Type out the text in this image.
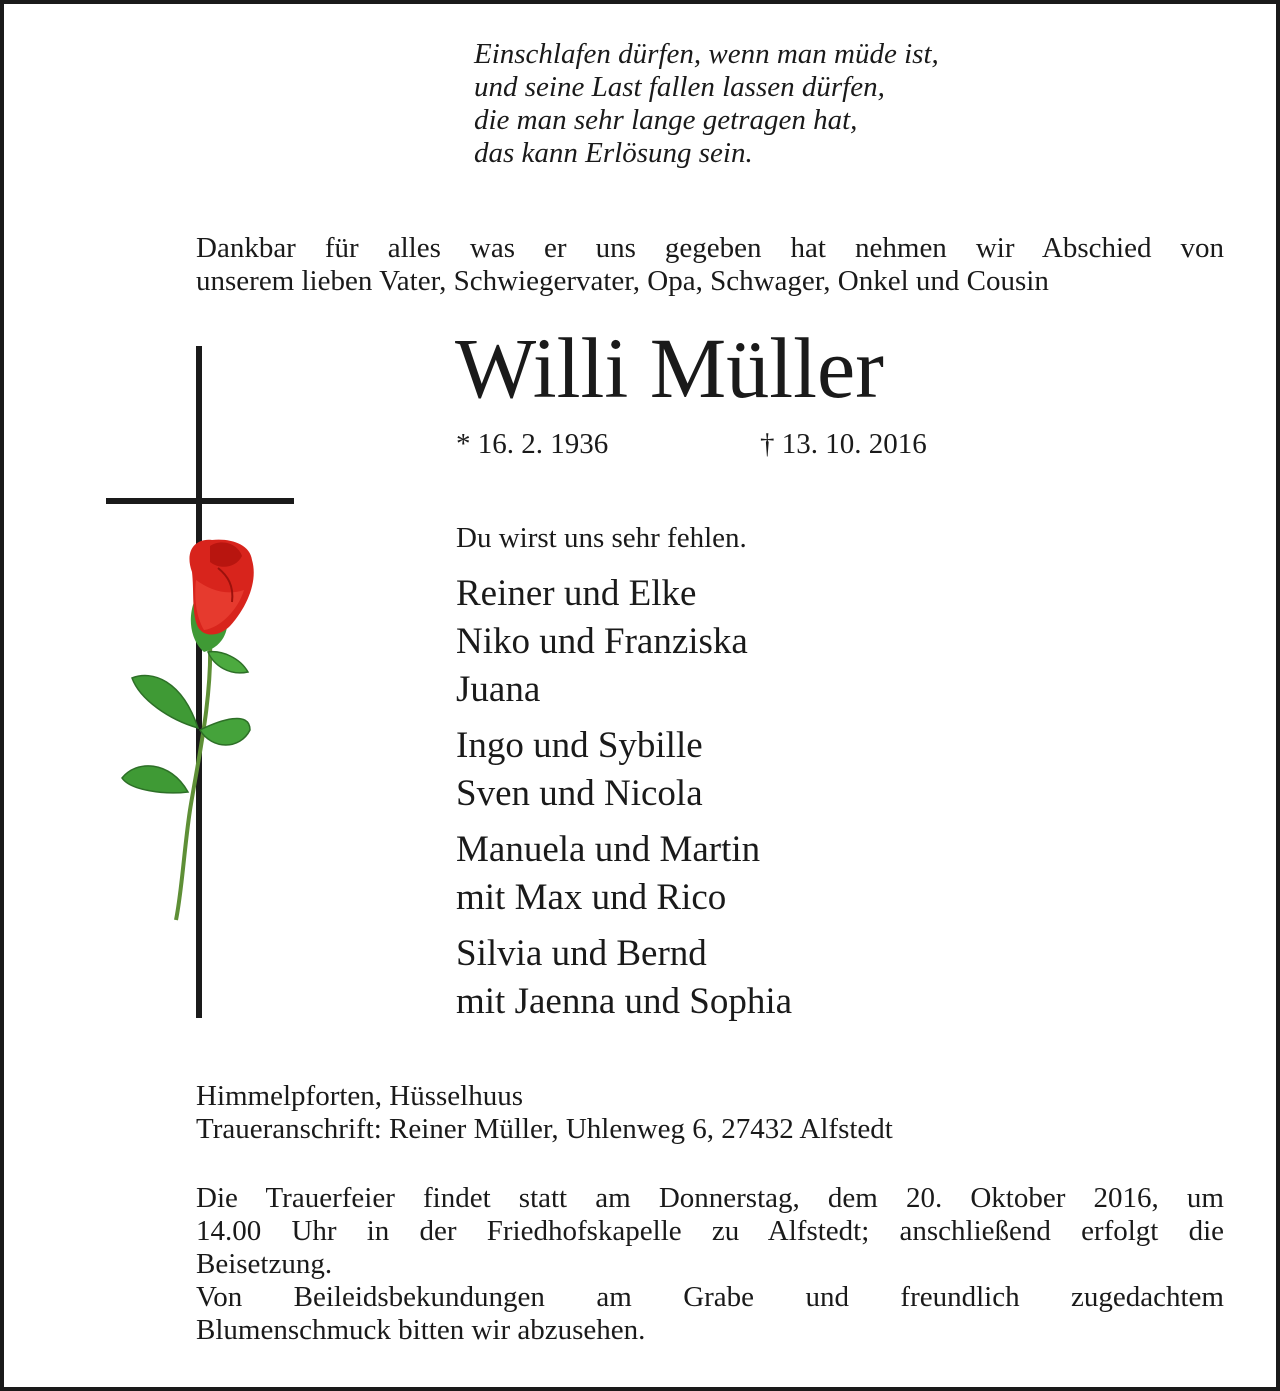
Einschlafen dürfen, wenn man müde ist,
und seine Last fallen lassen dürfen,
die man sehr lange getragen hat,
das kann Erlösung sein.
Dankbar für alles was er uns gegeben hat nehmen wir Abschied von
unserem lieben Vater, Schwiegervater, Opa, Schwager, Onkel und Cousin
Willi Müller
* 16. 2. 1936	† 13. 10. 2016
Du wirst uns sehr fehlen.
Reiner und Elke
Niko und Franziska
Juana
Ingo und Sybille
Sven und Nicola
Manuela und Martin
mit Max und Rico
Silvia und Bernd
mit Jaenna und Sophia
Himmelpforten, Hüsselhuus
Traueranschrift: Reiner Müller, Uhlenweg 6, 27432 Alfstedt
Die Trauerfeier findet statt am Donnerstag, dem 20. Oktober 2016, um
14.00 Uhr in der Friedhofskapelle zu Alfstedt; anschließend erfolgt die
Beisetzung.
Von Beileidsbekundungen am Grabe und freundlich zugedachtem
Blumenschmuck bitten wir abzusehen.
